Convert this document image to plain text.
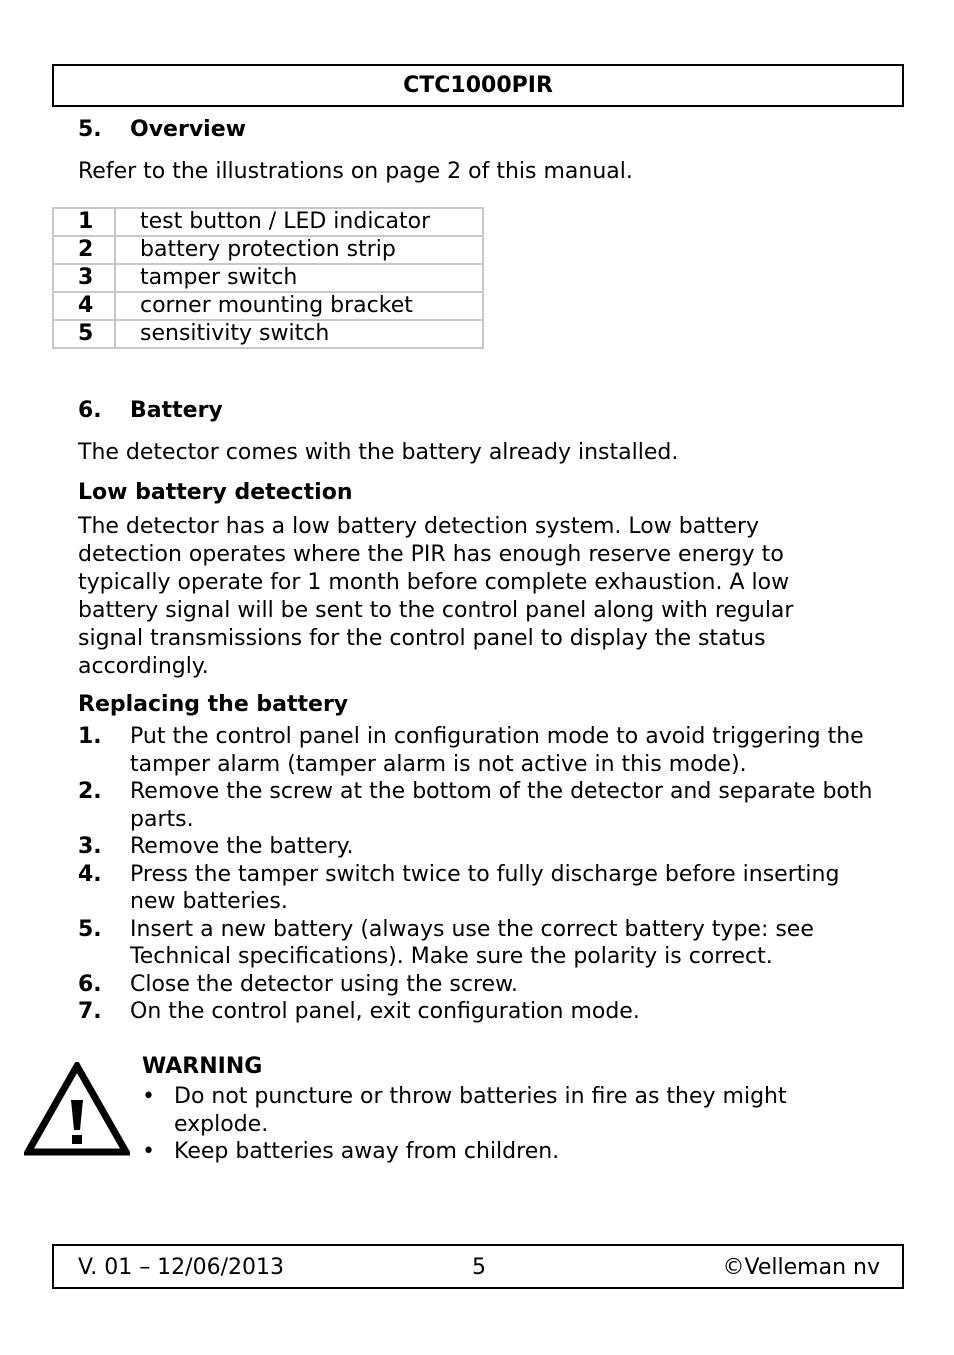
CTC1000PIR
5. Overview
Refer to the illustrations on page 2 of this manual.
1	test button / LED indicator
2	battery protection strip
3	tamper switch
4	corner mounting bracket
5	sensitivity switch
6. Battery
The detector comes with the battery already installed.
Low battery detection
The detector has a low battery detection system. Low battery
detection operates where the PIR has enough reserve energy to
typically operate for 1 month before complete exhaustion. A low
battery signal will be sent to the control panel along with regular
signal transmissions for the control panel to display the status
accordingly.
Replacing the battery
1.	Put the control panel in configuration mode to avoid triggering the tamper alarm (tamper alarm is not active in this mode).
2.	Remove the screw at the bottom of the detector and separate both parts.
3.	Remove the battery.
4.	Press the tamper switch twice to fully discharge before inserting new batteries.
5.	Insert a new battery (always use the correct battery type: see Technical specifications). Make sure the polarity is correct.
6.	Close the detector using the screw.
7.	On the control panel, exit configuration mode.
WARNING
• Do not puncture or throw batteries in fire as they might explode.
• Keep batteries away from children.
V. 01 – 12/06/2013	5	©Velleman nv
